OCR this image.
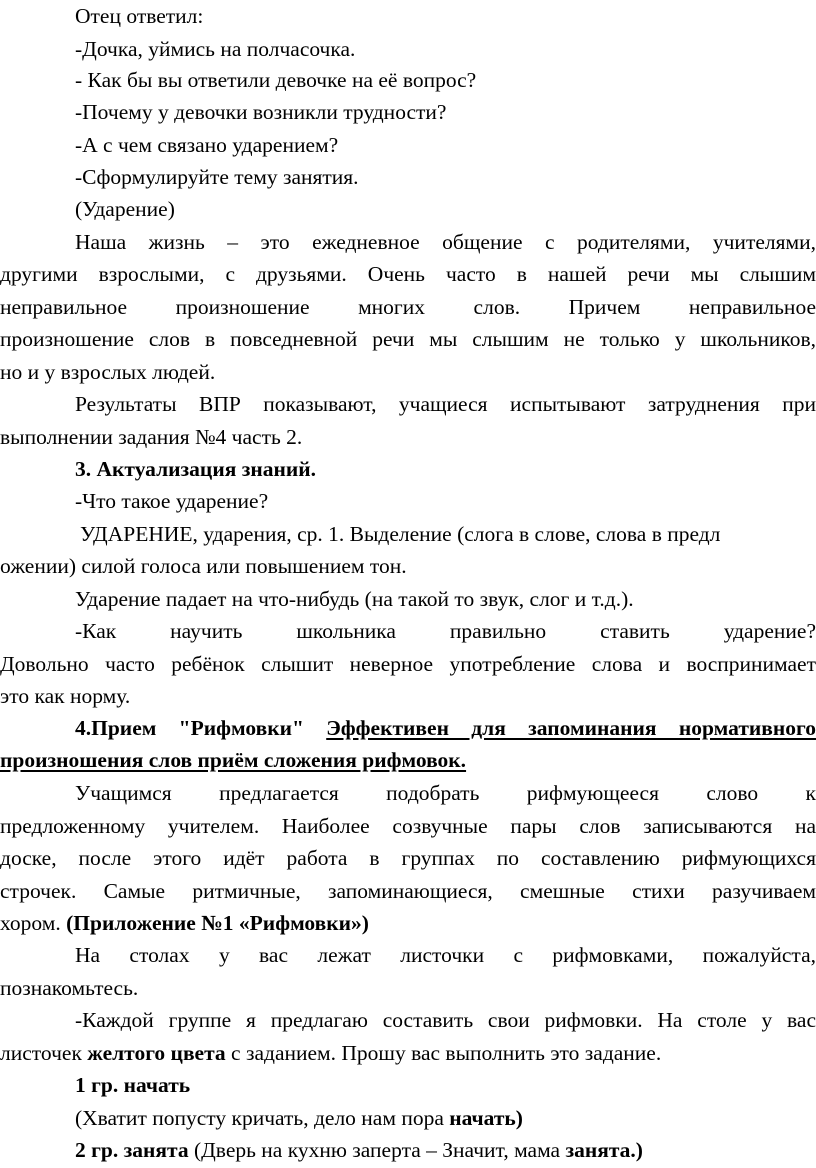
Отец ответил:
-Дочка, уймись на полчасочка.
- Как бы вы ответили девочке на её вопрос?
-Почему у девочки возникли трудности?
-А с чем связано ударением?
-Сформулируйте тему занятия.
(Ударение)
Наша жизнь – это ежедневное общение с родителями, учителями,
другими взрослыми, с друзьями. Очень часто в нашей речи мы слышим
неправильное произношение многих слов. Причем неправильное
произношение слов в повседневной речи мы слышим не только у школьников,
но и у взрослых людей.
Результаты ВПР показывают, учащиеся испытывают затруднения при
выполнении задания №4 часть 2.
3. Актуализация знаний.
-Что такое ударение?
УДАРЕНИЕ, ударения, ср. 1. Выделение (слога в слове, слова в предл
ожении) силой голоса или повышением тон.
Ударение падает на что-нибудь (на такой то звук, слог и т.д.).
-Как научить школьника правильно ставить ударение?
Довольно часто ребёнок слышит неверное употребление слова и воспринимает
это как норму.
4.Прием "Рифмовки" Эффективен для запоминания нормативного
произношения слов приём сложения рифмовок.
Учащимся предлагается подобрать рифмующееся слово к
предложенному учителем. Наиболее созвучные пары слов записываются на
доске, после этого идёт работа в группах по составлению рифмующихся
строчек. Самые ритмичные, запоминающиеся, смешные стихи разучиваем
хором. (Приложение №1 «Рифмовки»)
На столах у вас лежат листочки с рифмовками, пожалуйста,
познакомьтесь.
-Каждой группе я предлагаю составить свои рифмовки. На столе у вас
листочек желтого цвета с заданием. Прошу вас выполнить это задание.
1 гр. начать
(Хватит попусту кричать, дело нам пора начать)
2 гр. занята (Дверь на кухню заперта – Значит, мама занята.)
